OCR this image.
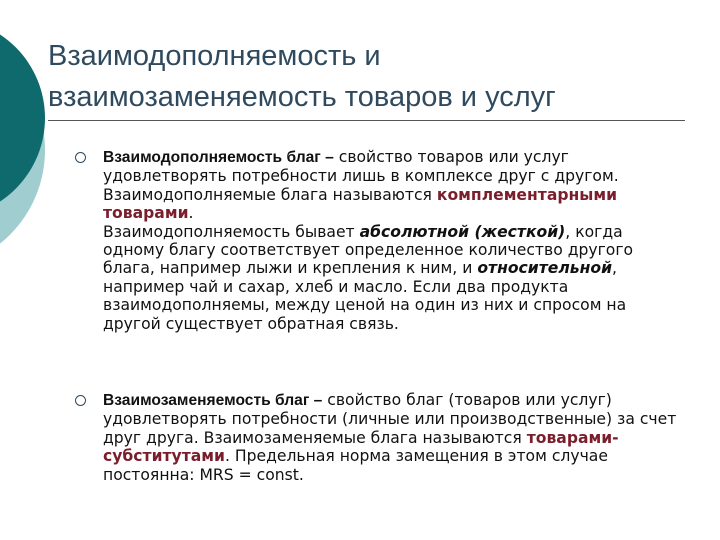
Взаимодополняемость и
взаимозаменяемость товаров и услуг

Взаимодополняемость благ – свойство товаров или услуг удовлетворять потребности лишь в комплексе друг с другом. Взаимодополняемые блага называются комплементарными товарами.

Взаимодополняемость бывает абсолютной (жесткой), когда одному благу соответствует определенное количество другого блага, например лыжи и крепления к ним, и относительной, например чай и сахар, хлеб и масло. Если два продукта взаимодополняемы, между ценой на один из них и спросом на другой существует обратная связь.

Взаимозаменяемость благ – свойство благ (товаров или услуг) удовлетворять потребности (личные или производственные) за счет друг друга. Взаимозаменяемые блага называются товарами-субститутами. Предельная норма замещения в этом случае постоянна: MRS = const.
